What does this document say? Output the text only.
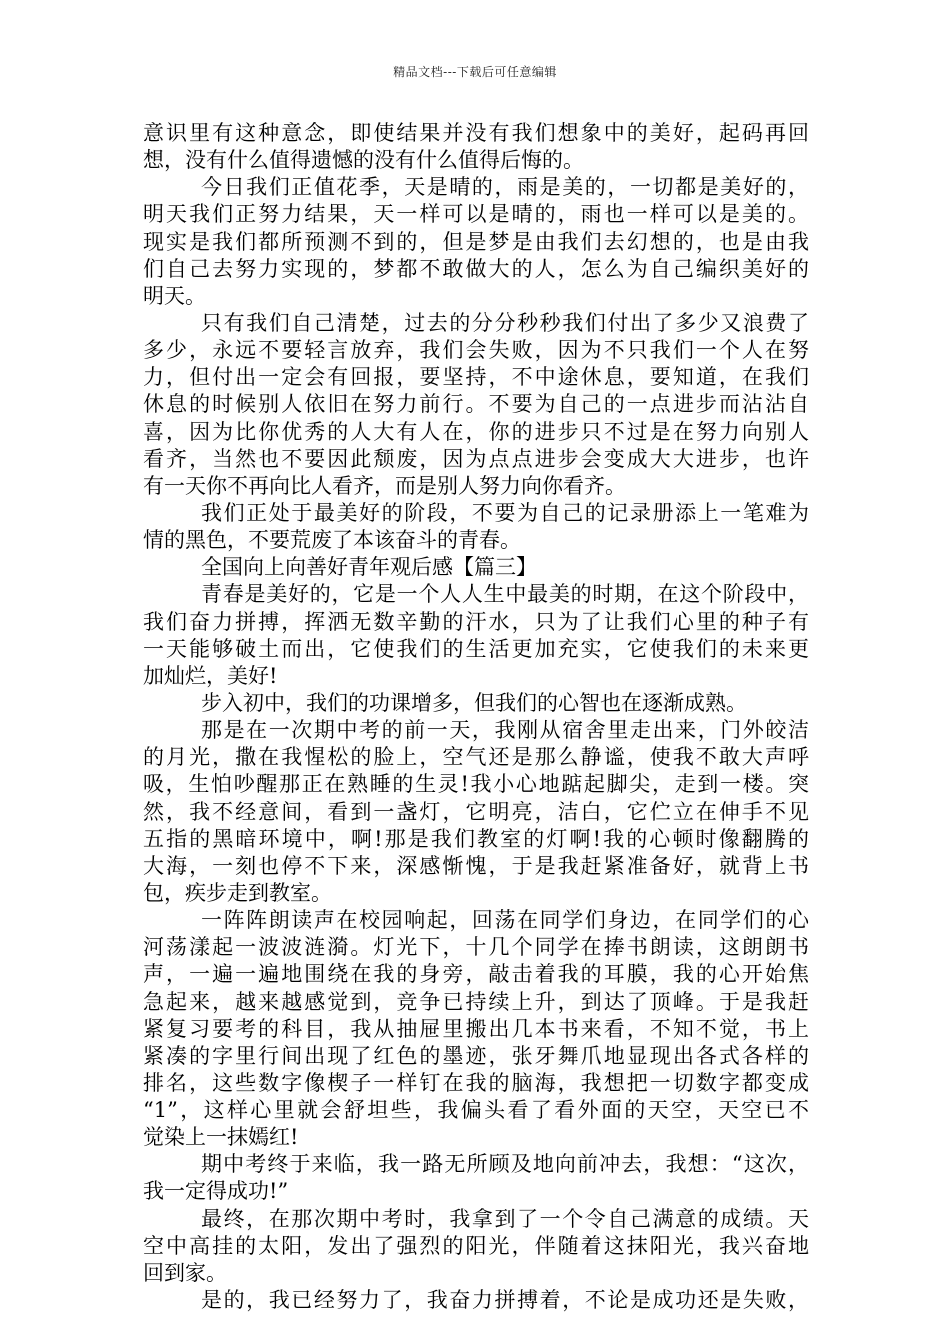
精品文档---下载后可任意编辑
意识里有这种意念，即使结果并没有我们想象中的美好，起码再回
想，没有什么值得遗憾的没有什么值得后悔的。
今日我们正值花季，天是晴的，雨是美的，一切都是美好的，
明天我们正努力结果，天一样可以是晴的，雨也一样可以是美的。
现实是我们都所预测不到的，但是梦是由我们去幻想的，也是由我
们自己去努力实现的，梦都不敢做大的人，怎么为自己编织美好的
明天。
只有我们自己清楚，过去的分分秒秒我们付出了多少又浪费了
多少，永远不要轻言放弃，我们会失败，因为不只我们一个人在努
力，但付出一定会有回报，要坚持，不中途休息，要知道，在我们
休息的时候别人依旧在努力前行。不要为自己的一点进步而沾沾自
喜，因为比你优秀的人大有人在，你的进步只不过是在努力向别人
看齐，当然也不要因此颓废，因为点点进步会变成大大进步，也许
有一天你不再向比人看齐，而是别人努力向你看齐。
我们正处于最美好的阶段，不要为自己的记录册添上一笔难为
情的黑色，不要荒废了本该奋斗的青春。
全国向上向善好青年观后感【篇三】
青春是美好的，它是一个人人生中最美的时期，在这个阶段中，
我们奋力拼搏，挥洒无数辛勤的汗水，只为了让我们心里的种子有
一天能够破土而出，它使我们的生活更加充实，它使我们的未来更
加灿烂，美好!
步入初中，我们的功课增多，但我们的心智也在逐渐成熟。
那是在一次期中考的前一天，我刚从宿舍里走出来，门外皎洁
的月光，撒在我惺松的脸上，空气还是那么静谧，使我不敢大声呼
吸，生怕吵醒那正在熟睡的生灵!我小心地踮起脚尖，走到一楼。突
然，我不经意间，看到一盏灯，它明亮，洁白，它伫立在伸手不见
五指的黑暗环境中，啊!那是我们教室的灯啊!我的心顿时像翻腾的
大海，一刻也停不下来，深感惭愧，于是我赶紧准备好，就背上书
包，疾步走到教室。
一阵阵朗读声在校园响起，回荡在同学们身边，在同学们的心
河荡漾起一波波涟漪。灯光下，十几个同学在捧书朗读，这朗朗书
声，一遍一遍地围绕在我的身旁，敲击着我的耳膜，我的心开始焦
急起来，越来越感觉到，竞争已持续上升，到达了顶峰。于是我赶
紧复习要考的科目，我从抽屉里搬出几本书来看，不知不觉，书上
紧凑的字里行间出现了红色的墨迹，张牙舞爪地显现出各式各样的
排名，这些数字像楔子一样钉在我的脑海，我想把一切数字都变成
“1”，这样心里就会舒坦些，我偏头看了看外面的天空，天空已不
觉染上一抹嫣红!
期中考终于来临，我一路无所顾及地向前冲去，我想：“这次，
我一定得成功!”
最终，在那次期中考时，我拿到了一个令自己满意的成绩。天
空中高挂的太阳，发出了强烈的阳光，伴随着这抹阳光，我兴奋地
回到家。
是的，我已经努力了，我奋力拼搏着，不论是成功还是失败，
